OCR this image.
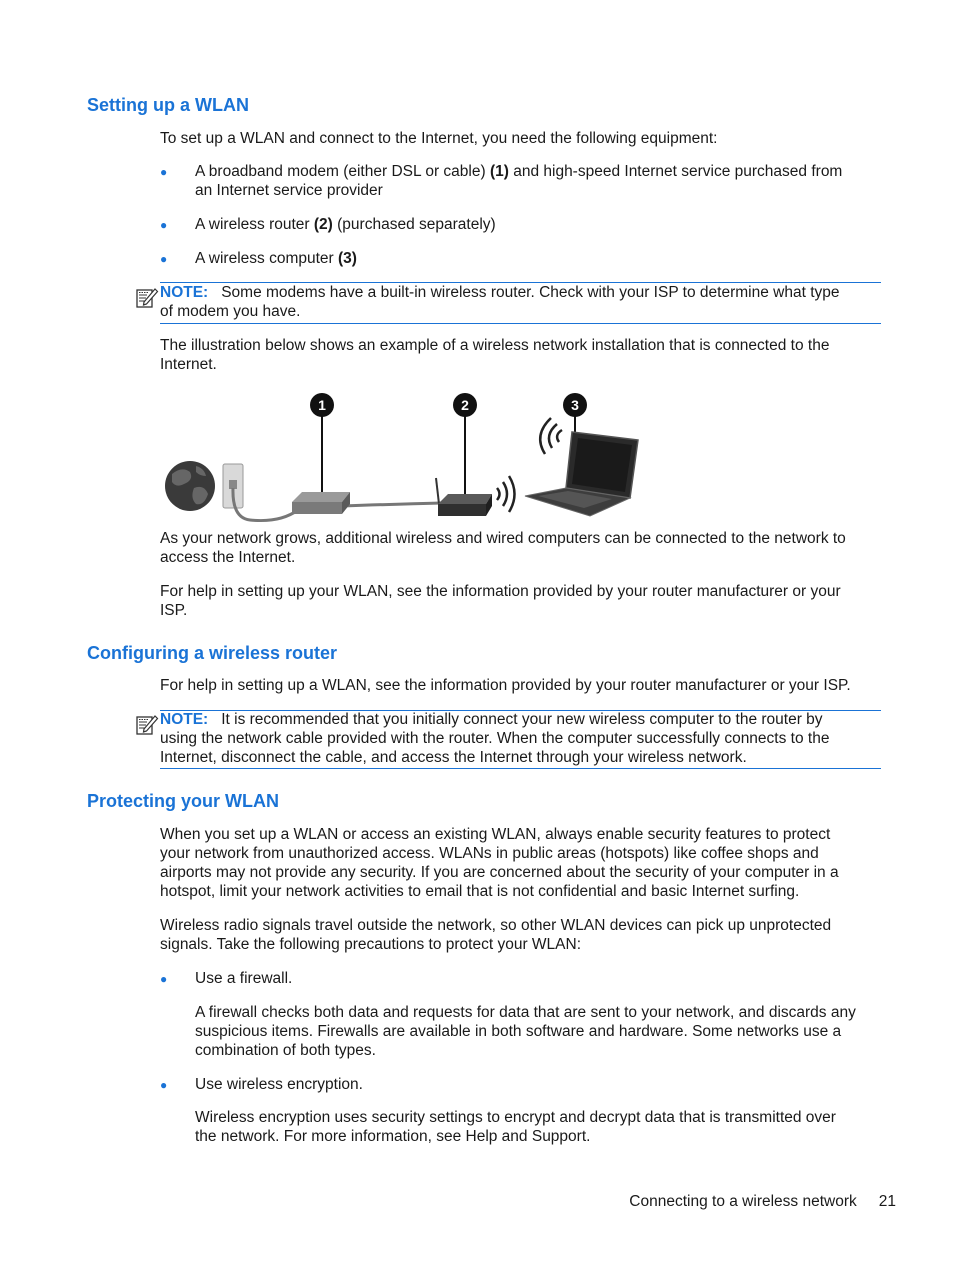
Setting up a WLAN

To set up a WLAN and connect to the Internet, you need the following equipment:

● A broadband modem (either DSL or cable) (1) and high-speed Internet service purchased from
an Internet service provider
● A wireless router (2) (purchased separately)
● A wireless computer (3)
NOTE: Some modems have a built-in wireless router. Check with your ISP to determine what type
of modem you have.
The illustration below shows an example of a wireless network installation that is connected to the
Internet.
1	2	3
As your network grows, additional wireless and wired computers can be connected to the network to
access the Internet.
For help in setting up your WLAN, see the information provided by your router manufacturer or your
ISP.
Configuring a wireless router

For help in setting up a WLAN, see the information provided by your router manufacturer or your ISP.

NOTE: It is recommended that you initially connect your new wireless computer to the router by
using the network cable provided with the router. When the computer successfully connects to the
Internet, disconnect the cable, and access the Internet through your wireless network.
Protecting your WLAN
When you set up a WLAN or access an existing WLAN, always enable security features to protect
your network from unauthorized access. WLANs in public areas (hotspots) like coffee shops and
airports may not provide any security. If you are concerned about the security of your computer in a
hotspot, limit your network activities to email that is not confidential and basic Internet surfing.
Wireless radio signals travel outside the network, so other WLAN devices can pick up unprotected
signals. Take the following precautions to protect your WLAN:
● Use a firewall.
A firewall checks both data and requests for data that are sent to your network, and discards any
suspicious items. Firewalls are available in both software and hardware. Some networks use a
combination of both types.
● Use wireless encryption.
Wireless encryption uses security settings to encrypt and decrypt data that is transmitted over
the network. For more information, see Help and Support.
Connecting to a wireless network 21
